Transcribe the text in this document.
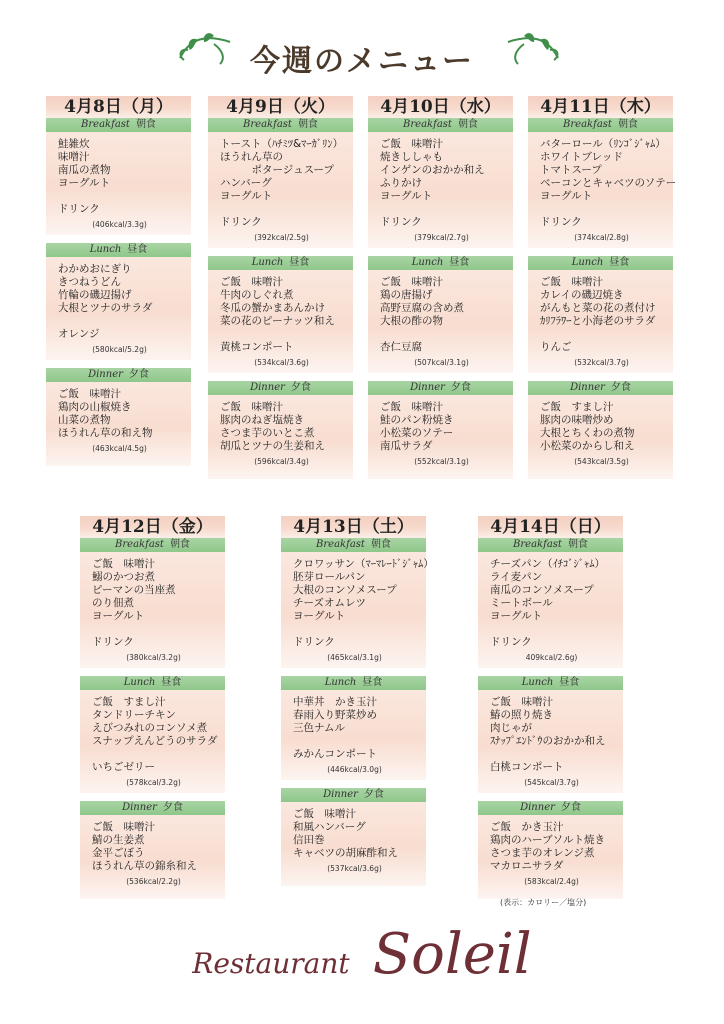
今週のメニュー
4月8日（月）
Breakfast 朝食
鮭雑炊
味噌汁
南瓜の煮物
ヨーグルト
ドリンク
(406kcal/3.3g)
Lunch 昼食
わかめおにぎり
きつねうどん
竹輪の磯辺揚げ
大根とツナのサラダ
オレンジ
(580kcal/5.2g)
Dinner 夕食
ご飯　味噌汁
鶏肉の山椒焼き
山菜の煮物
ほうれん草の和え物
(463kcal/4.5g)
4月9日（火）
Breakfast 朝食
トースト（ﾊﾁﾐﾂ&ﾏｰｶﾞﾘﾝ）
ほうれん草の
　　　ポタージュスープ
ハンバーグ
ヨーグルト
ドリンク
(392kcal/2.5g)
Lunch 昼食
ご飯　味噌汁
牛肉のしぐれ煮
冬瓜の蟹かまあんかけ
菜の花のピーナッツ和え
黄桃コンポート
(534kcal/3.6g)
Dinner 夕食
ご飯　味噌汁
豚肉のねぎ塩焼き
さつま芋のいとこ煮
胡瓜とツナの生姜和え
(596kcal/3.4g)
4月10日（水）
Breakfast 朝食
ご飯　味噌汁
焼きししゃも
インゲンのおかか和え
ふりかけ
ヨーグルト
ドリンク
(379kcal/2.7g)
Lunch 昼食
ご飯　味噌汁
鶏の唐揚げ
高野豆腐の含め煮
大根の酢の物
杏仁豆腐
(507kcal/3.1g)
Dinner 夕食
ご飯　味噌汁
鮭のパン粉焼き
小松菜のソテー
南瓜サラダ
(552kcal/3.1g)
4月11日（木）
Breakfast 朝食
バターロール（ﾘﾝｺﾞｼﾞｬﾑ）
ホワイトブレッド
トマトスープ
ベーコンとキャベツのソテー
ヨーグルト
ドリンク
(374kcal/2.8g)
Lunch 昼食
ご飯　味噌汁
カレイの磯辺焼き
がんもと菜の花の煮付け
ｶﾘﾌﾗﾜｰと小海老のサラダ
りんご
(532kcal/3.7g)
Dinner 夕食
ご飯　すまし汁
豚肉の味噌炒め
大根とちくわの煮物
小松菜のからし和え
(543kcal/3.5g)
4月12日（金）
Breakfast 朝食
ご飯　味噌汁
鰯のかつお煮
ピーマンの当座煮
のり佃煮
ヨーグルト
ドリンク
(380kcal/3.2g)
Lunch 昼食
ご飯　すまし汁
タンドリーチキン
えびつみれのコンソメ煮
スナップえんどうのサラダ
いちごゼリー
(578kcal/3.2g)
Dinner 夕食
ご飯　味噌汁
鯖の生姜煮
金平ごぼう
ほうれん草の錦糸和え
(536kcal/2.2g)
4月13日（土）
Breakfast 朝食
クロワッサン（ﾏｰﾏﾚｰﾄﾞｼﾞｬﾑ）
胚芽ロールパン
大根のコンソメスープ
チーズオムレツ
ヨーグルト
ドリンク
(465kcal/3.1g)
Lunch 昼食
中華丼　かき玉汁
春雨入り野菜炒め
三色ナムル
みかんコンポート
(446kcal/3.0g)
Dinner 夕食
ご飯　味噌汁
和風ハンバーグ
信田巻
キャベツの胡麻酢和え
(537kcal/3.6g)
4月14日（日）
Breakfast 朝食
チーズパン（ｲﾁｺﾞｼﾞｬﾑ）
ライ麦パン
南瓜のコンソメスープ
ミートボール
ヨーグルト
ドリンク
409kcal/2.6g)
Lunch 昼食
ご飯　味噌汁
鰆の照り焼き
肉じゃが
ｽﾅｯﾌﾟｴﾝﾄﾞｳのおかか和え
白桃コンポート
(545kcal/3.7g)
Dinner 夕食
ご飯　かき玉汁
鶏肉のハーブソルト焼き
さつま芋のオレンジ煮
マカロニサラダ
(583kcal/2.4g)
(表示：カロリー／塩分)
Restaurant Soleil
